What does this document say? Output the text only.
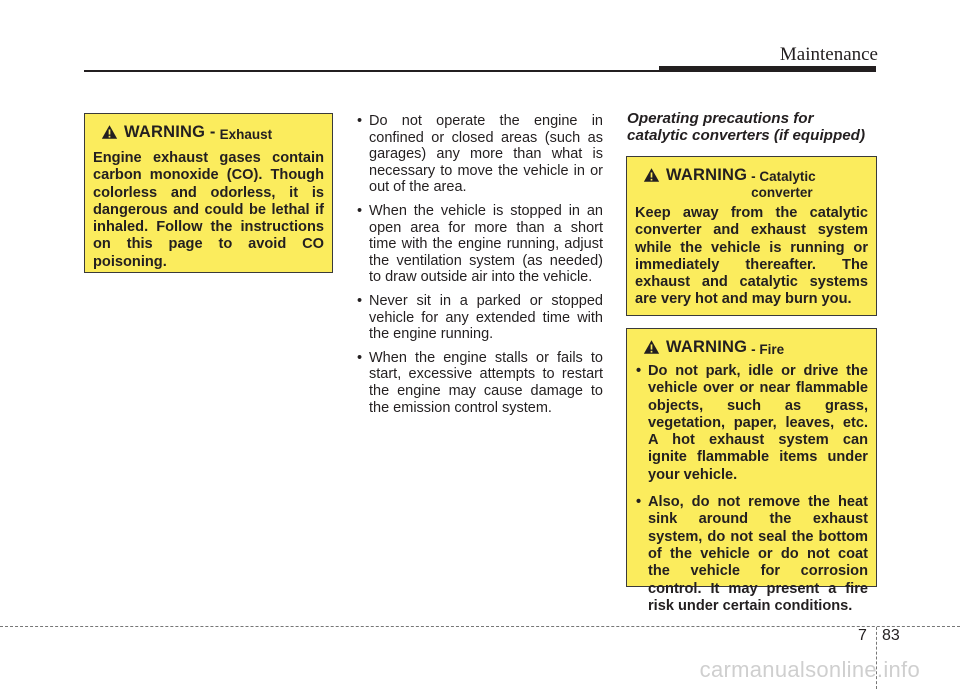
Maintenance
WARNING - Exhaust

Engine exhaust gases contain carbon monoxide (CO). Though colorless and odorless, it is dangerous and could be lethal if inhaled. Follow the instructions on this page to avoid CO poisoning.

• Do not operate the engine in confined or closed areas (such as garages) any more than what is necessary to move the vehicle in or out of the area.
• When the vehicle is stopped in an open area for more than a short time with the engine running, adjust the ventilation system (as needed) to draw outside air into the vehicle.
• Never sit in a parked or stopped vehicle for any extended time with the engine running.
• When the engine stalls or fails to start, excessive attempts to restart the engine may cause damage to the emission control system.
Operating precautions for catalytic converters (if equipped)
WARNING - Catalytic converter

Keep away from the catalytic converter and exhaust system while the vehicle is running or immediately thereafter. The exhaust and catalytic systems are very hot and may burn you.

WARNING - Fire
• Do not park, idle or drive the vehicle over or near flammable objects, such as grass, vegetation, paper, leaves, etc. A hot exhaust system can ignite flammable items under your vehicle.
• Also, do not remove the heat sink around the exhaust system, do not seal the bottom of the vehicle or do not coat the vehicle for corrosion control. It may present a fire risk under certain conditions.
7 83
carmanualsonline.info
